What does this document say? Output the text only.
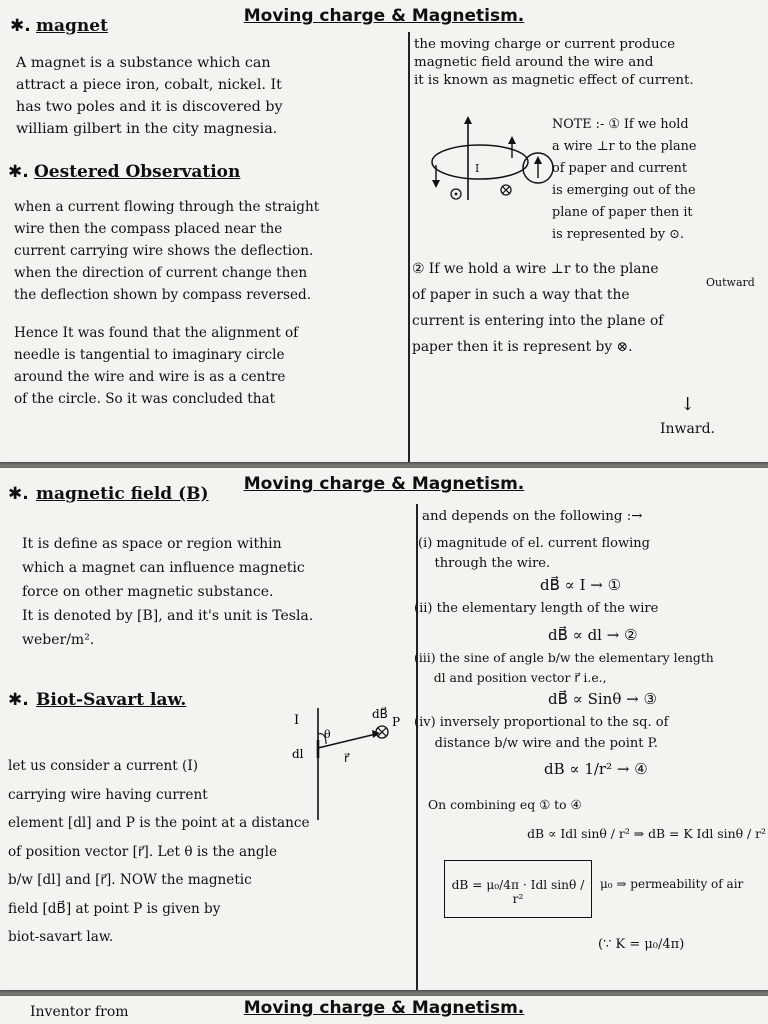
Moving charge & Magnetism.
✱. magnet
A magnet is a substance which can
attract a piece iron, cobalt, nickel. It
has two poles and it is discovered by
william gilbert in the city magnesia.
✱. Oestered Observation
when a current flowing through the straight
wire then the compass placed near the
current carrying wire shows the deflection.
when the direction of current change then
the deflection shown by compass reversed.
Hence It was found that the alignment of
needle is tangential to imaginary circle
around the wire and wire is as a centre
of the circle. So it was concluded that
the moving charge or current produce
magnetic field around the wire and
it is known as magnetic effect of current.
I
NOTE :- ① If we hold
a wire ⊥r to the plane
of paper and current
is emerging out of the
plane of paper then it
is represented by ⊙.
Outward
② If we hold a wire ⊥r to the plane
of paper in such a way that the
current is entering into the plane of
paper then it is represent by ⊗.
↓
Inward.
Moving charge & Magnetism.
✱. magnetic field (B)
It is define as space or region within
which a magnet can influence magnetic
force on other magnetic substance.
It is denoted by [B], and it's unit is Tesla.
weber/m².
✱. Biot-Savart law.
I
dl
θ
r⃗
P
dB⃗
let us consider a current (I)
carrying wire having current
element [dl] and P is the point at a distance
of position vector [r⃗]. Let θ is the angle
b/w [dl] and [r⃗]. NOW the magnetic
field [dB⃗] at point P is given by
biot-savart law.
and depends on the following :→
(i) magnitude of el. current flowing
through the wire.
dB⃗ ∝ I → ①
(ii) the elementary length of the wire
dB⃗ ∝ dl → ②
(iii) the sine of angle b/w the elementary length
dl and position vector r⃗ i.e.,
dB⃗ ∝ Sinθ → ③
(iv) inversely proportional to the sq. of
distance b/w wire and the point P.
dB ∝ 1/r² → ④
On combining eq ① to ④
dB ∝ Idl sinθ / r² ⇒ dB = K Idl sinθ / r²
dB = μ₀/4π · Idl sinθ / r²
μ₀ ⇒ permeability of air
(∵ K = μ₀/4π)
Inventor from	Moving charge & Magnetism.
